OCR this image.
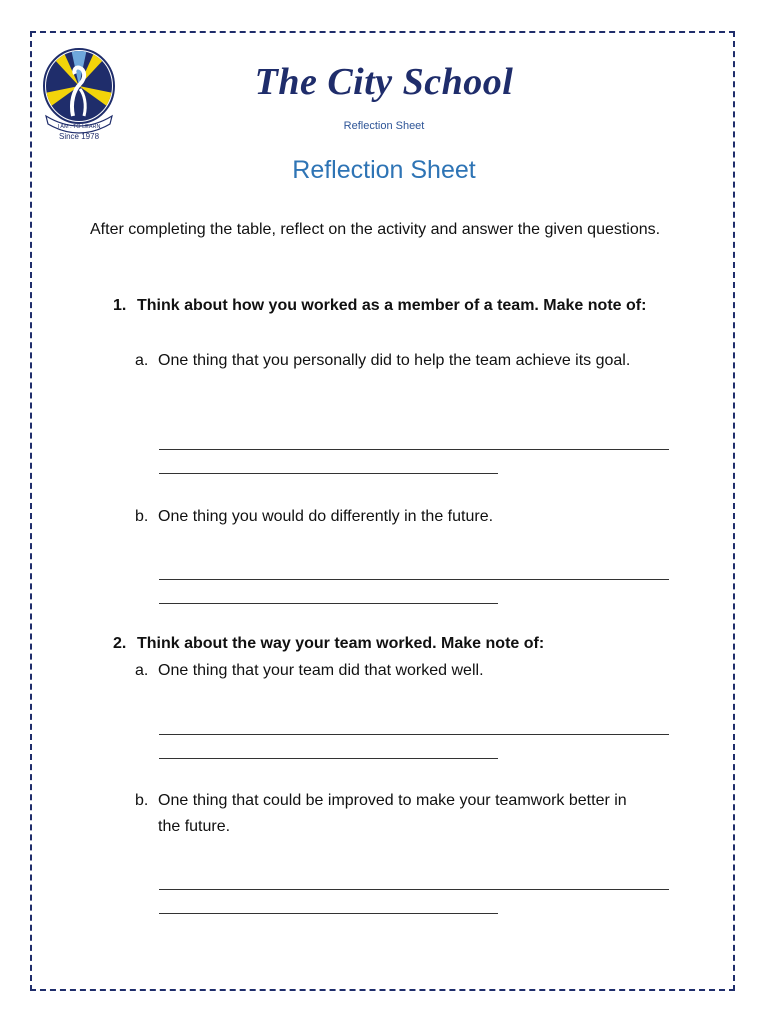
I AM . TO LEARN
Since 1978
The City School
Reflection Sheet
Reflection Sheet
After completing the table, reflect on the activity and answer the given questions.
1. Think about how you worked as a member of a team. Make note of:
a. One thing that you personally did to help the team achieve its goal.
b. One thing you would do differently in the future.
2. Think about the way your team worked. Make note of:
a. One thing that your team did that worked well.
b. One thing that could be improved to make your teamwork better in the future.
